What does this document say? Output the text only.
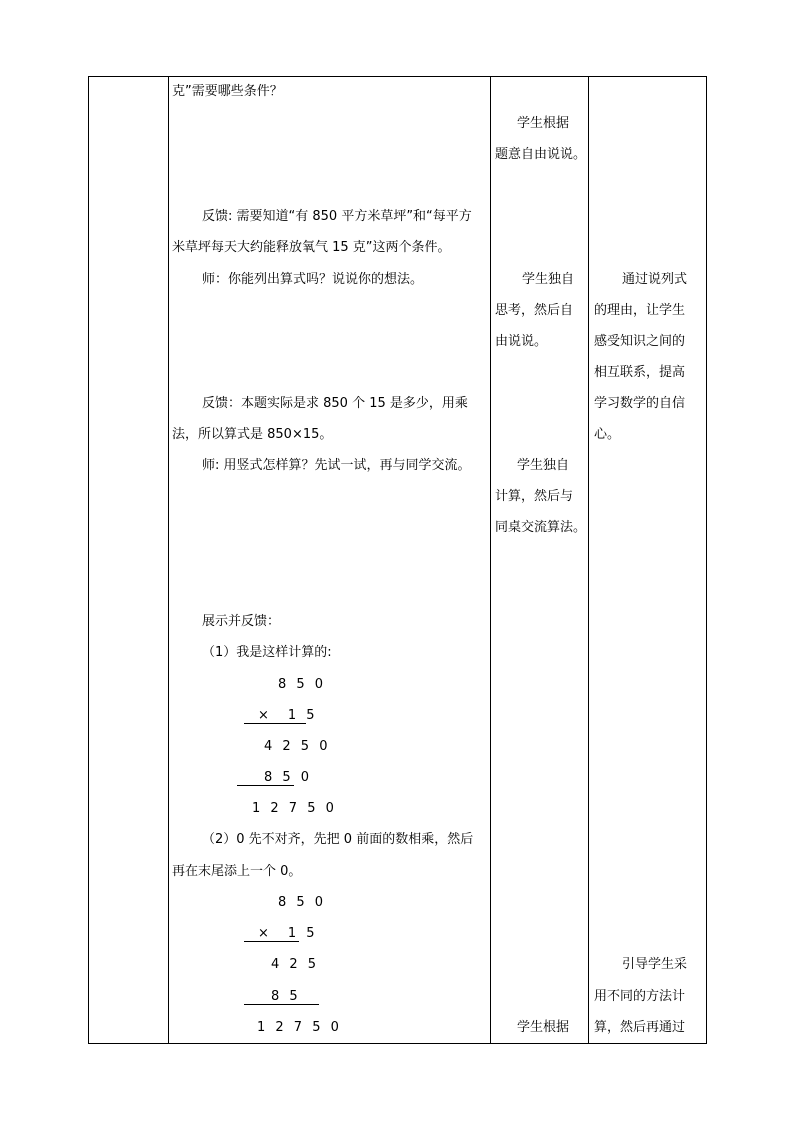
克”需要哪些条件？
反馈: 需要知道“有 850 平方米草坪”和“每平方
米草坪每天大约能释放氧气 15 克”这两个条件。
师：你能列出算式吗？说说你的想法。
反馈：本题实际是求 850 个 15 是多少，用乘
法，所以算式是 850×15。
师: 用竖式怎样算？先试一试，再与同学交流。
展示并反馈：
（1）我是这样计算的:
8 5 0
×　1 5
4 2 5 0
8 5 0
1 2 7 5 0
（2）0 先不对齐，先把 0 前面的数相乘，然后
再在末尾添上一个 0。
8 5 0
×　1 5
4 2 5
8 5
1 2 7 5 0
学生根据
题意自由说说。
学生独自
思考，然后自
由说说。
学生独自
计算，然后与
同桌交流算法。
学生根据
通过说列式
的理由，让学生
感受知识之间的
相互联系，提高
学习数学的自信
心。
引导学生采
用不同的方法计
算，然后再通过
